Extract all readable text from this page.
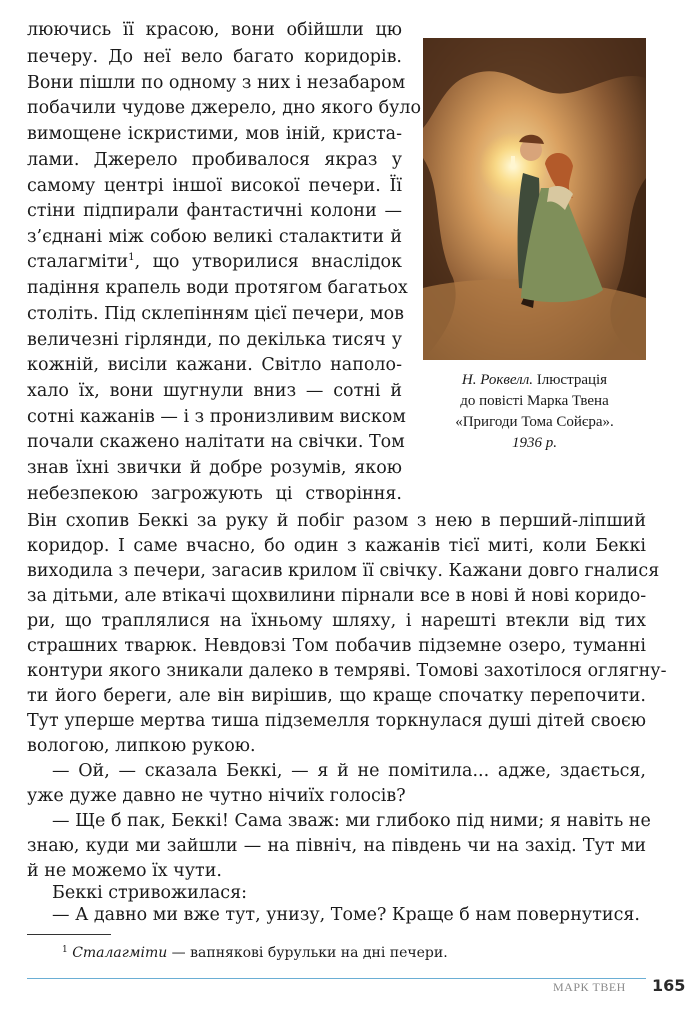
люючись її красою, вони обійшли цю
печеру. До неї вело багато коридорів.
Вони пішли по одному з них і незабаром
побачили чудове джерело, дно якого було
вимощене іскристими, мов іній, криста-
лами. Джерело пробивалося якраз у
самому центрі іншої високої печери. Її
стіни підпирали фантастичні колони —
з’єднані між собою великі сталактити й
сталагміти$^1$, що утворилися внаслідок
падіння крапель води протягом багатьох
століть. Під склепінням цієї печери, мов
величезні гірлянди, по декілька тисяч у
кожній, висіли кажани. Світло наполо-
хало їх, вони шугнули вниз — сотні й
сотні кажанів — і з пронизливим виском
почали скажено налітати на свічки. Том
знав їхні звички й добре розумів, якою
небезпекою загрожують ці створіння.
Він схопив Беккі за руку й побіг разом з нею в перший-ліпший
коридор. І саме вчасно, бо один з кажанів тієї миті, коли Беккі
виходила з печери, загасив крилом її свічку. Кажани довго гналися
за дітьми, але втікачі щохвилини пірнали все в нові й нові коридо-
ри, що траплялися на їхньому шляху, і нарешті втекли від тих
страшних тварюк. Невдовзі Том побачив підземне озеро, туманні
контури якого зникали далеко в темряві. Томові захотілося оглягну-
ти його береги, але він вирішив, що краще спочатку перепочити.
Тут уперше мертва тиша підземелля торкнулася душі дітей своєю
вологою, липкою рукою.
— Ой, — сказала Беккі, — я й не помітила... адже, здається,
уже дуже давно не чутно нічиїх голосів?
— Ще б пак, Беккі! Сама зваж: ми глибоко під ними; я навіть не
знаю, куди ми зайшли — на північ, на південь чи на захід. Тут ми
й не можемо їх чути.
Беккі стривожилася:
— А давно ми вже тут, унизу, Томе? Краще б нам повернутися.
Н. Роквелл. Ілюстрація
до повісті Марка Твена
«Пригоди Тома Сойєра».
1936 р.
$^1$ Сталагміти — вапнякові бурульки на дні печери.
МАРК ТВЕН 165
